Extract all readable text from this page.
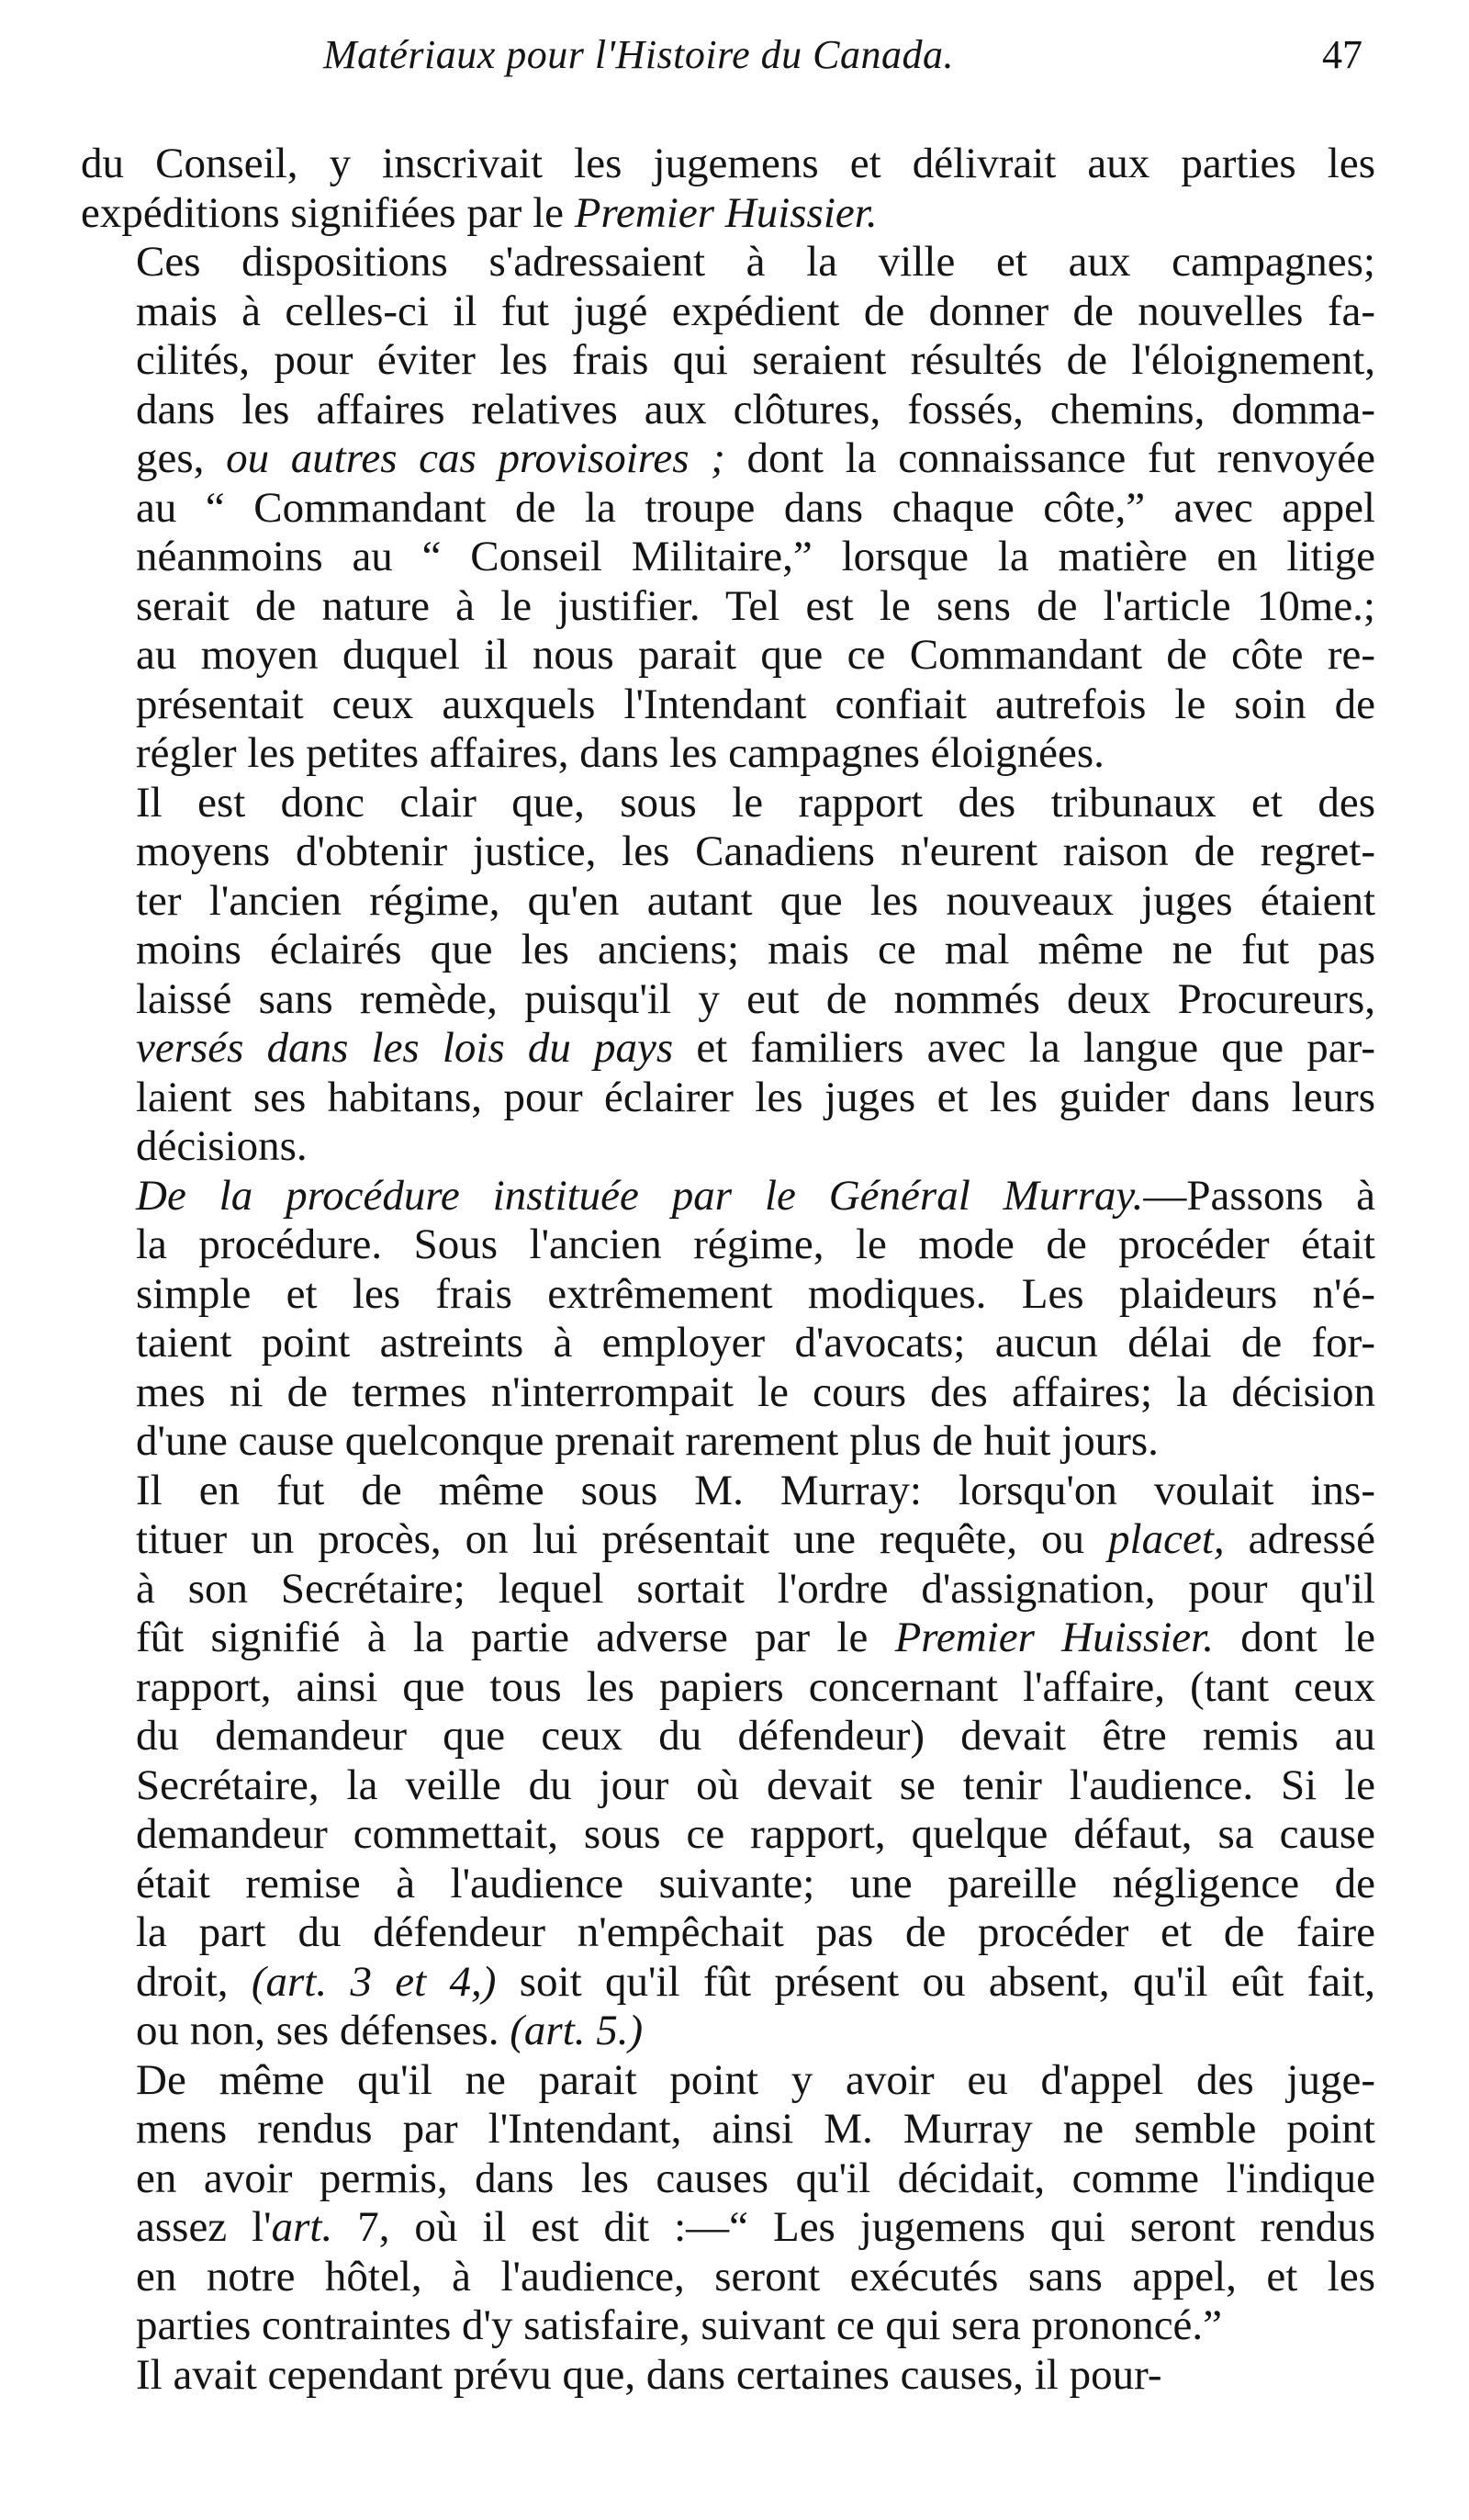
Matériaux pour l'Histoire du Canada.	47

du Conseil, y inscrivait les jugemens et délivrait aux parties les
expéditions signifiées par le Premier Huissier.

Ces dispositions s'adressaient à la ville et aux campagnes;
mais à celles-ci il fut jugé expédient de donner de nouvelles fa-
cilités, pour éviter les frais qui seraient résultés de l'éloignement,
dans les affaires relatives aux clôtures, fossés, chemins, domma-
ges, ou autres cas provisoires ; dont la connaissance fut renvoyée
au “ Commandant de la troupe dans chaque côte,” avec appel
néanmoins au “ Conseil Militaire,” lorsque la matière en litige
serait de nature à le justifier. Tel est le sens de l'article 10me.;
au moyen duquel il nous parait que ce Commandant de côte re-
présentait ceux auxquels l'Intendant confiait autrefois le soin de
régler les petites affaires, dans les campagnes éloignées.

Il est donc clair que, sous le rapport des tribunaux et des
moyens d'obtenir justice, les Canadiens n'eurent raison de regret-
ter l'ancien régime, qu'en autant que les nouveaux juges étaient
moins éclairés que les anciens; mais ce mal même ne fut pas
laissé sans remède, puisqu'il y eut de nommés deux Procureurs,
versés dans les lois du pays et familiers avec la langue que par-
laient ses habitans, pour éclairer les juges et les guider dans leurs
décisions.

De la procédure instituée par le Général Murray.—Passons à
la procédure. Sous l'ancien régime, le mode de procéder était
simple et les frais extrêmement modiques. Les plaideurs n'é-
taient point astreints à employer d'avocats; aucun délai de for-
mes ni de termes n'interrompait le cours des affaires; la décision
d'une cause quelconque prenait rarement plus de huit jours.

Il en fut de même sous M. Murray: lorsqu'on voulait ins-
tituer un procès, on lui présentait une requête, ou placet, adressé
à son Secrétaire; lequel sortait l'ordre d'assignation, pour qu'il
fût signifié à la partie adverse par le Premier Huissier. dont le
rapport, ainsi que tous les papiers concernant l'affaire, (tant ceux
du demandeur que ceux du défendeur) devait être remis au
Secrétaire, la veille du jour où devait se tenir l'audience. Si le
demandeur commettait, sous ce rapport, quelque défaut, sa cause
était remise à l'audience suivante; une pareille négligence de
la part du défendeur n'empêchait pas de procéder et de faire
droit, (art. 3 et 4,) soit qu'il fût présent ou absent, qu'il eût fait,
ou non, ses défenses. (art. 5.)

De même qu'il ne parait point y avoir eu d'appel des juge-
mens rendus par l'Intendant, ainsi M. Murray ne semble point
en avoir permis, dans les causes qu'il décidait, comme l'indique
assez l'art. 7, où il est dit :—“ Les jugemens qui seront rendus
en notre hôtel, à l'audience, seront exécutés sans appel, et les
parties contraintes d'y satisfaire, suivant ce qui sera prononcé.”

Il avait cependant prévu que, dans certaines causes, il pour-
